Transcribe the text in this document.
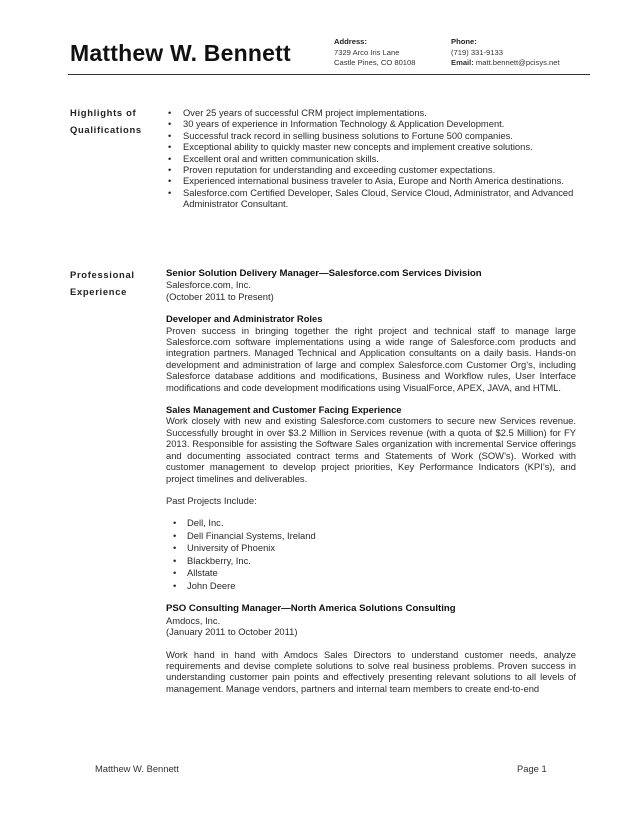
Matthew W. Bennett	Address:
7329 Arco Iris Lane
Castle Pines, CO 80108
Phone:
(719) 331-9133
Email: matt.bennett@pcisys.net
Highlights of
Qualifications
• Over 25 years of successful CRM project implementations.
• 30 years of experience in Information Technology & Application Development.
• Successful track record in selling business solutions to Fortune 500 companies.
• Exceptional ability to quickly master new concepts and implement creative solutions.
• Excellent oral and written communication skills.
• Proven reputation for understanding and exceeding customer expectations.
• Experienced international business traveler to Asia, Europe and North America destinations.
• Salesforce.com Certified Developer, Sales Cloud, Service Cloud, Administrator, and Advanced Administrator Consultant.
Professional
Experience
Senior Solution Delivery Manager—Salesforce.com Services Division
Salesforce.com, Inc.
(October 2011 to Present)
Developer and Administrator Roles

Proven success in bringing together the right project and technical staff to manage large Salesforce.com software implementations using a wide range of Salesforce.com products and integration partners. Managed Technical and Application consultants on a daily basis. Hands-on development and administration of large and complex Salesforce.com Customer Org’s, including Salesforce database additions and modifications, Business and Workflow rules, User Interface modifications and code development modifications using VisualForce, APEX, JAVA, and HTML.

Sales Management and Customer Facing Experience

Work closely with new and existing Salesforce.com customers to secure new Services revenue. Successfully brought in over $3.2 Million in Services revenue (with a quota of $2.5 Million) for FY 2013. Responsible for assisting the Software Sales organization with incremental Service offerings and documenting associated contract terms and Statements of Work (SOW’s). Worked with customer management to develop project priorities, Key Performance Indicators (KPI’s), and project timelines and deliverables.

Past Projects Include:
• Dell, Inc.
• Dell Financial Systems, Ireland
• University of Phoenix
• Blackberry, Inc.
• Allstate
• John Deere
PSO Consulting Manager—North America Solutions Consulting
Amdocs, Inc.
(January 2011 to October 2011)

Work hand in hand with Amdocs Sales Directors to understand customer needs, analyze requirements and devise complete solutions to solve real business problems. Proven success in understanding customer pain points and effectively presenting relevant solutions to all levels of management. Manage vendors, partners and internal team members to create end-to-end

Matthew W. Bennett	Page 1
